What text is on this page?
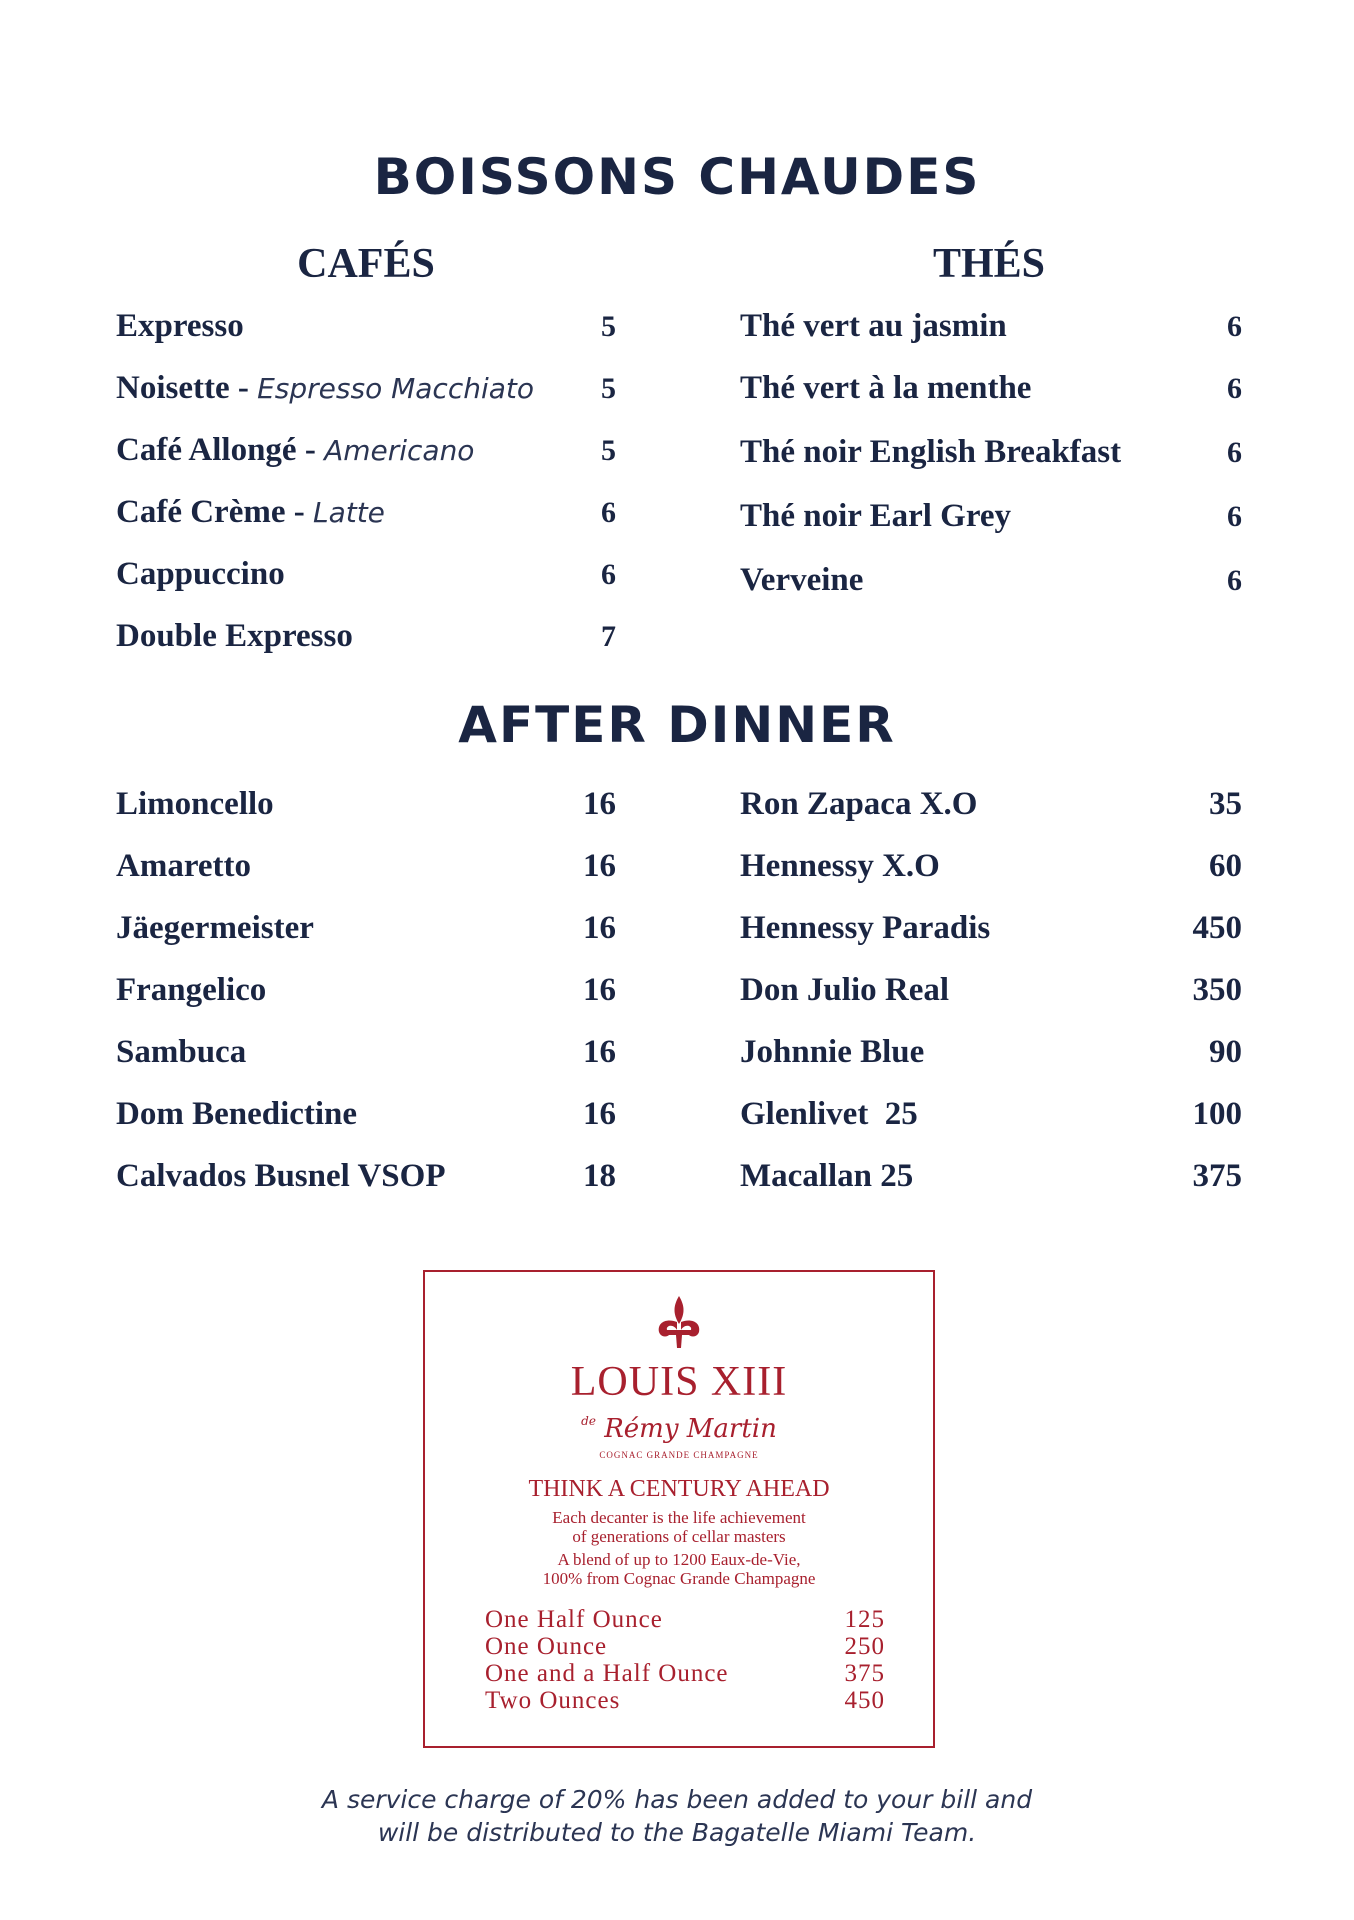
BOISSONS CHAUDES
CAFÉS	THÉS
Expresso	5
Noisette - Espresso Macchiato 5
Café Allongé - Americano	5
Café Crème - Latte	6
Cappuccino	6
Double Expresso	7
Thé vert au jasmin	6
Thé vert à la menthe	6
Thé noir English Breakfast	6
Thé noir Earl Grey	6
Verveine	6
AFTER DINNER
Limoncello	16
Amaretto	16
Jäegermeister	16
Frangelico	16
Sambuca	16
Dom Benedictine	16
Calvados Busnel VSOP	18
Ron Zapaca X.O	35
Hennessy X.O	60
Hennessy Paradis	450
Don Julio Real	350
Johnnie Blue	90
Glenlivet  25	100
Macallan 25	375
LOUIS XIII
$^{de}$ Rémy Martin
COGNAC GRANDE CHAMPAGNE
THINK A CENTURY AHEAD
Each decanter is the life achievement
of generations of cellar masters
A blend of up to 1200 Eaux-de-Vie,
100% from Cognac Grande Champagne
One Half Ounce	125
One Ounce	250
One and a Half Ounce	375
Two Ounces	450
A service charge of 20% has been added to your bill and
will be distributed to the Bagatelle Miami Team.
